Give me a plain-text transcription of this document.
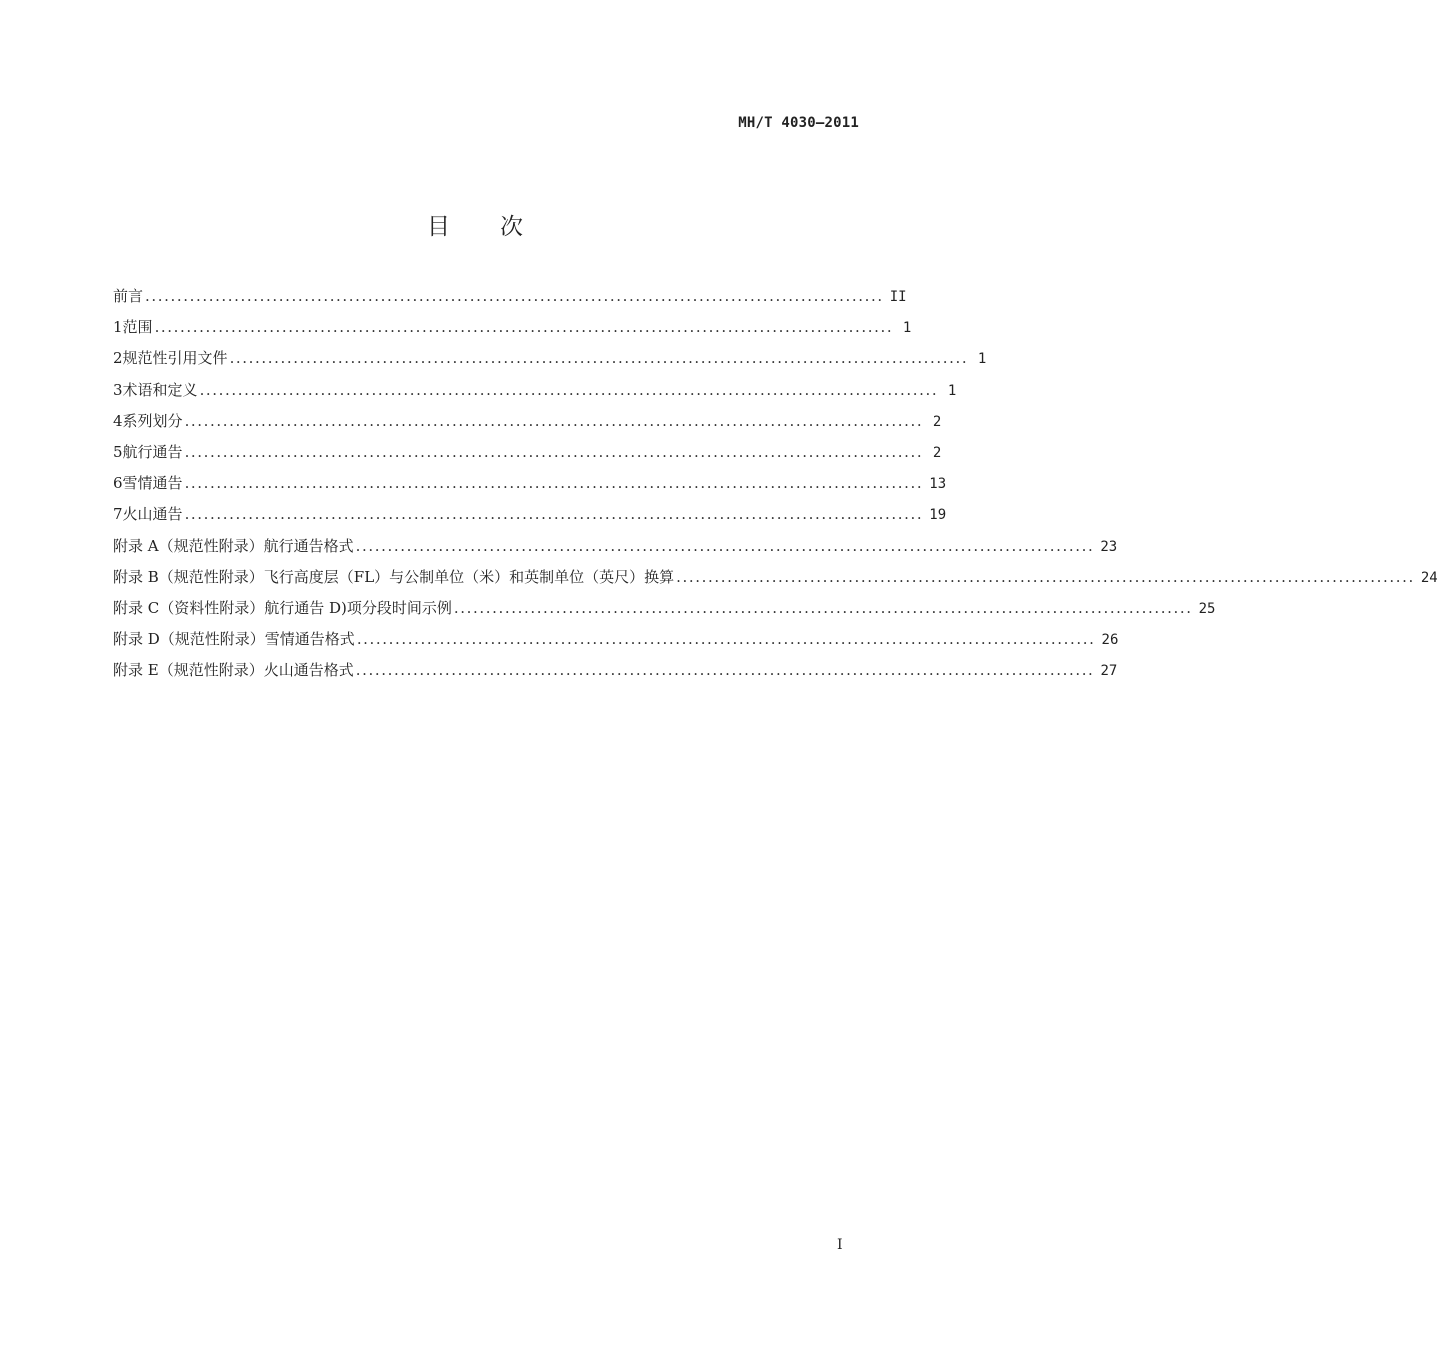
MH/T 4030—2011
目次
前言 .................................................................................................................... II
1 范围 .................................................................................................................... 1
2 规范性引用文件 .................................................................................................................... 1
3 术语和定义 .................................................................................................................... 1
4 系列划分 .................................................................................................................... 2
5 航行通告 .................................................................................................................... 2
6 雪情通告 .................................................................................................................... 13
7 火山通告 .................................................................................................................... 19
附录 A（规范性附录） 航行通告格式 .................................................................................................................... 23
附录 B（规范性附录） 飞行高度层（FL）与公制单位（米）和英制单位（英尺）换算 .................................................................................................................... 24
附录 C（资料性附录） 航行通告 D)项分段时间示例 .................................................................................................................... 25
附录 D（规范性附录） 雪情通告格式 .................................................................................................................... 26
附录 E（规范性附录） 火山通告格式 .................................................................................................................... 27
I
